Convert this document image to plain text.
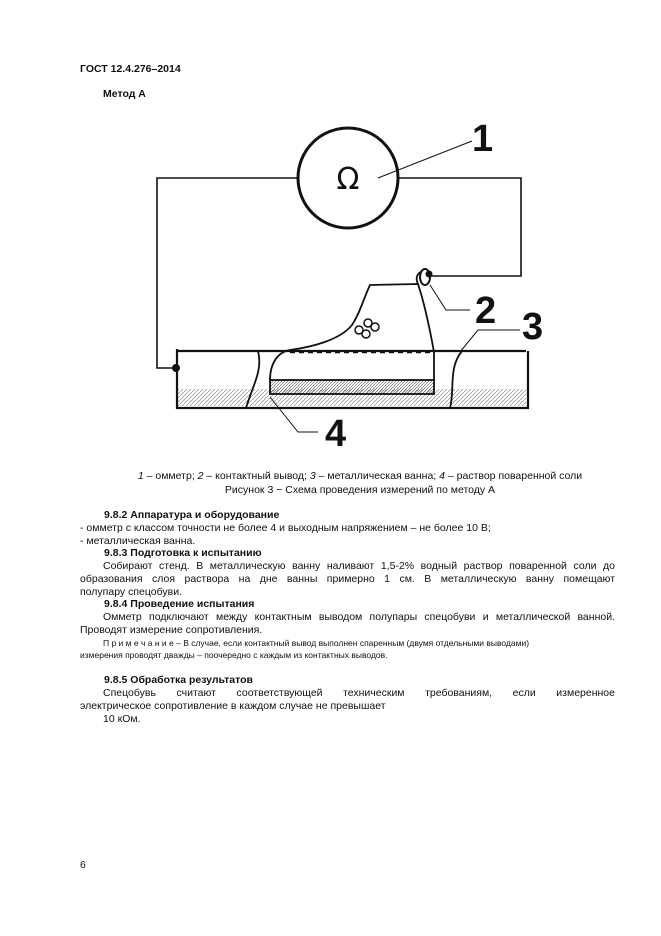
ГОСТ 12.4.276–2014
Метод А
Ω
1
2 3
4
1 – омметр; 2 – контактный вывод; 3 – металлическая ванна; 4 – раствор поваренной соли
Рисунок 3 − Схема проведения измерений по методу А
9.8.2 Аппаратура и оборудование
- омметр с классом точности не более 4 и выходным напряжением – не более 10 В;
- металлическая ванна.
9.8.3 Подготовка к испытанию
Собирают стенд. В металлическую ванну наливают 1,5-2% водный раствор поваренной соли до
образования слоя раствора на дне ванны примерно 1 см. В металлическую ванну помещают
полупару спецобуви.
9.8.4 Проведение испытания
Омметр подключают между контактным выводом полупары спецобуви и металлической ванной.
Проводят измерение сопротивления.
П р и м е ч а н и е – В случае, если контактный вывод выполнен спаренным (двумя отдельными выводами)
измерения проводят дважды – поочередно с каждым из контактных выводов.
9.8.5 Обработка результатов
Спецобувь считают соответствующей техническим требованиям, если измеренное
электрическое сопротивление в каждом случае не превышает
10 кОм.
6
